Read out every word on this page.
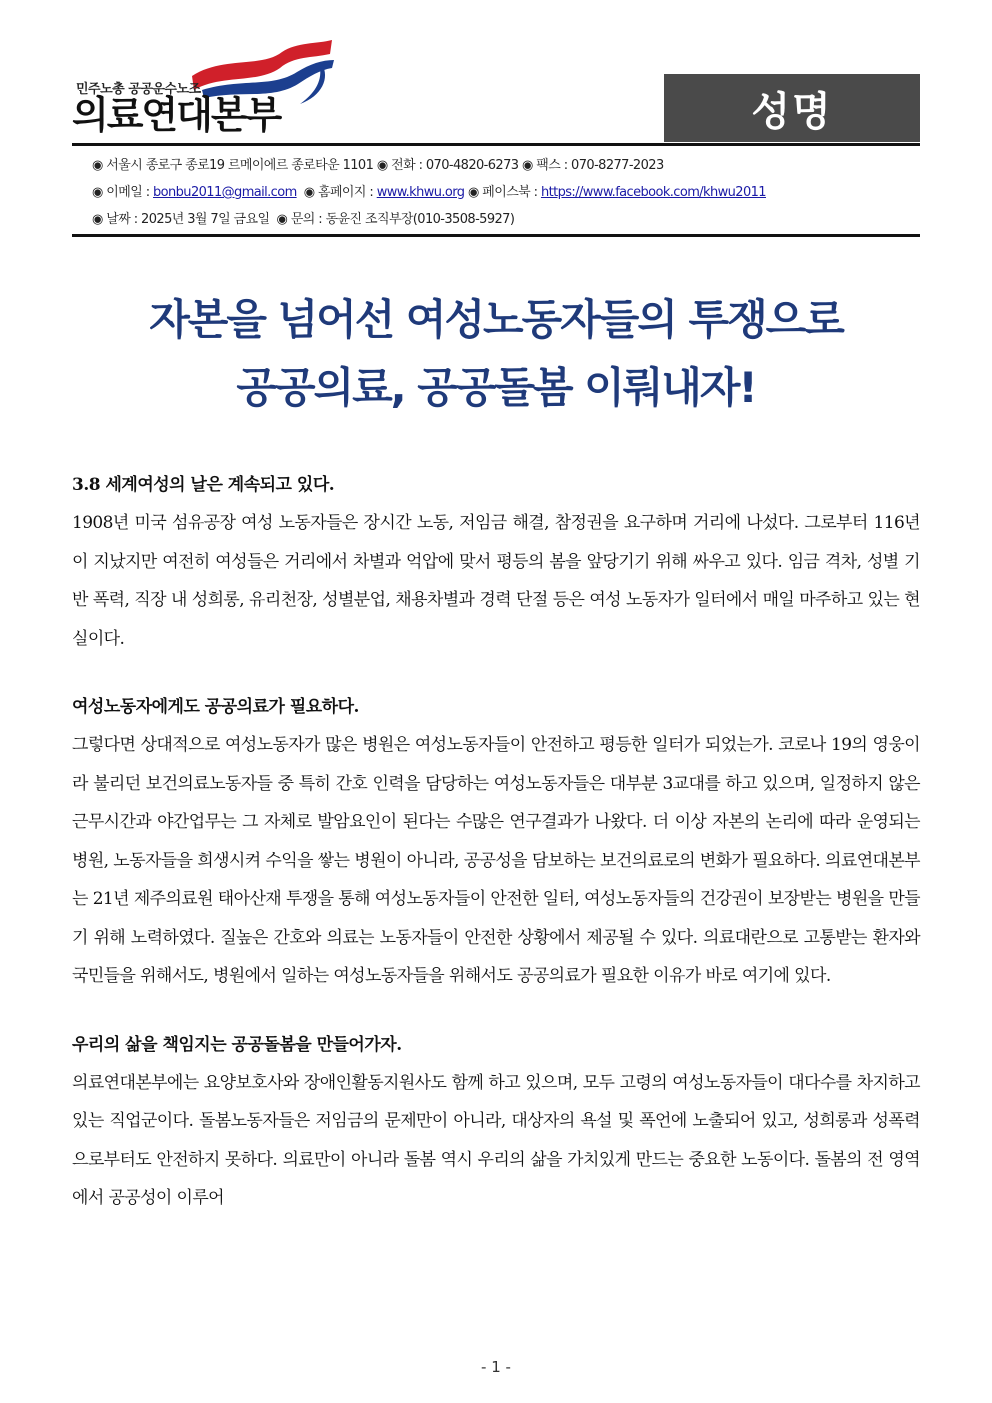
민주노총 공공운수노조
의료연대본부	성명
◉ 서울시 종로구 종로19 르메이에르 종로타운 1101 ◉ 전화 : 070-4820-6273 ◉ 팩스 : 070-8277-2023
◉ 이메일 : bonbu2011@gmail.com ◉ 홈페이지 : www.khwu.org ◉ 페이스북 : https://www.facebook.com/khwu2011
◉ 날짜 : 2025년 3월 7일 금요일 ◉ 문의 : 동윤진 조직부장(010-3508-5927)
자본을 넘어선 여성노동자들의 투쟁으로
공공의료, 공공돌봄 이뤄내자!

3.8 세계여성의 날은 계속되고 있다.

1908년 미국 섬유공장 여성 노동자들은 장시간 노동, 저임금 해결, 참정권을 요구하며 거리에 나섰다. 그로부터 116년이 지났지만 여전히 여성들은 거리에서 차별과 억압에 맞서 평등의 봄을 앞당기기 위해 싸우고 있다. 임금 격차, 성별 기반 폭력, 직장 내 성희롱, 유리천장, 성별분업, 채용차별과 경력 단절 등은 여성 노동자가 일터에서 매일 마주하고 있는 현실이다.

여성노동자에게도 공공의료가 필요하다.

그렇다면 상대적으로 여성노동자가 많은 병원은 여성노동자들이 안전하고 평등한 일터가 되었는가. 코로나 19의 영웅이라 불리던 보건의료노동자들 중 특히 간호 인력을 담당하는 여성노동자들은 대부분 3교대를 하고 있으며, 일정하지 않은 근무시간과 야간업무는 그 자체로 발암요인이 된다는 수많은 연구결과가 나왔다. 더 이상 자본의 논리에 따라 운영되는 병원, 노동자들을 희생시켜 수익을 쌓는 병원이 아니라, 공공성을 담보하는 보건의료로의 변화가 필요하다. 의료연대본부는 21년 제주의료원 태아산재 투쟁을 통해 여성노동자들이 안전한 일터, 여성노동자들의 건강권이 보장받는 병원을 만들기 위해 노력하였다. 질높은 간호와 의료는 노동자들이 안전한 상황에서 제공될 수 있다. 의료대란으로 고통받는 환자와 국민들을 위해서도, 병원에서 일하는 여성노동자들을 위해서도 공공의료가 필요한 이유가 바로 여기에 있다.

우리의 삶을 책임지는 공공돌봄을 만들어가자.

의료연대본부에는 요양보호사와 장애인활동지원사도 함께 하고 있으며, 모두 고령의 여성노동자들이 대다수를 차지하고 있는 직업군이다. 돌봄노동자들은 저임금의 문제만이 아니라, 대상자의 욕설 및 폭언에 노출되어 있고, 성희롱과 성폭력으로부터도 안전하지 못하다. 의료만이 아니라 돌봄 역시 우리의 삶을 가치있게 만드는 중요한 노동이다. 돌봄의 전 영역에서 공공성이 이루어

- 1 -
